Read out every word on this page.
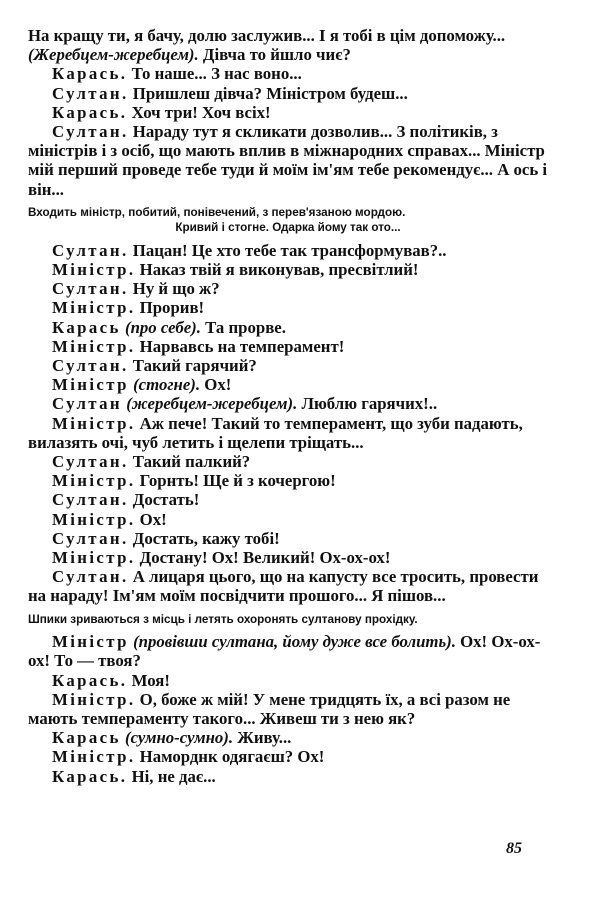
На кращу ти, я бачу, долю заслужив... І я тобі в цім допоможу... (Жеребцем-жеребцем). Дівча то йшло чиє?

Карась. То наше... З нас воно...

Султан. Пришлеш дівча? Міністром будеш...

Карась. Хоч три! Хоч всіх!

Султан. Нараду тут я скликати дозволив... З політиків, з міністрів і з осіб, що мають вплив в міжнародних справах... Міністр мій перший проведе тебе туди й моїм ім'ям тебе рекомендує... А ось і він...

Входить міністр, побитий, понівечений, з перев'язаною мордою.
Кривий і стогне. Одарка йому так ото...

Султан. Пацан! Це хто тебе так трансформував?..

Міністр. Наказ твій я виконував, пресвітлий!

Султан. Ну й що ж?

Міністр. Прорив!

Карась (про себе). Та прорве.

Міністр. Нарвавсь на темперамент!

Султан. Такий гарячий?

Міністр (стогне). Ох!

Султан (жеребцем-жеребцем). Люблю гарячих!..

Міністр. Аж пече! Такий то темперамент, що зуби падають, вилазять очі, чуб летить і щелепи тріщать...

Султан. Такий палкий?

Міністр. Горнть! Ще й з кочергою!

Султан. Достать!

Міністр. Ох!

Султан. Достать, кажу тобі!

Міністр. Достану! Ох! Великий! Ох-ох-ох!

Султан. А лицаря цього, що на капусту все тросить, провести на нараду! Ім'ям моїм посвідчити прошого... Я пішов...

Шпики зриваються з місць і летять охоронять султанову прохідку.

Міністр (провівши султана, йому дуже все болить). Ох! Ох-ох-ох! То — твоя?

Карась. Моя!

Міністр. О, боже ж мій! У мене тридцять їх, а всі разом не мають темпераменту такого... Живеш ти з нею як?

Карась (сумно-сумно). Живу...

Міністр. Наморднк одягаєш? Ох!

Карась. Ні, не дає...

85
